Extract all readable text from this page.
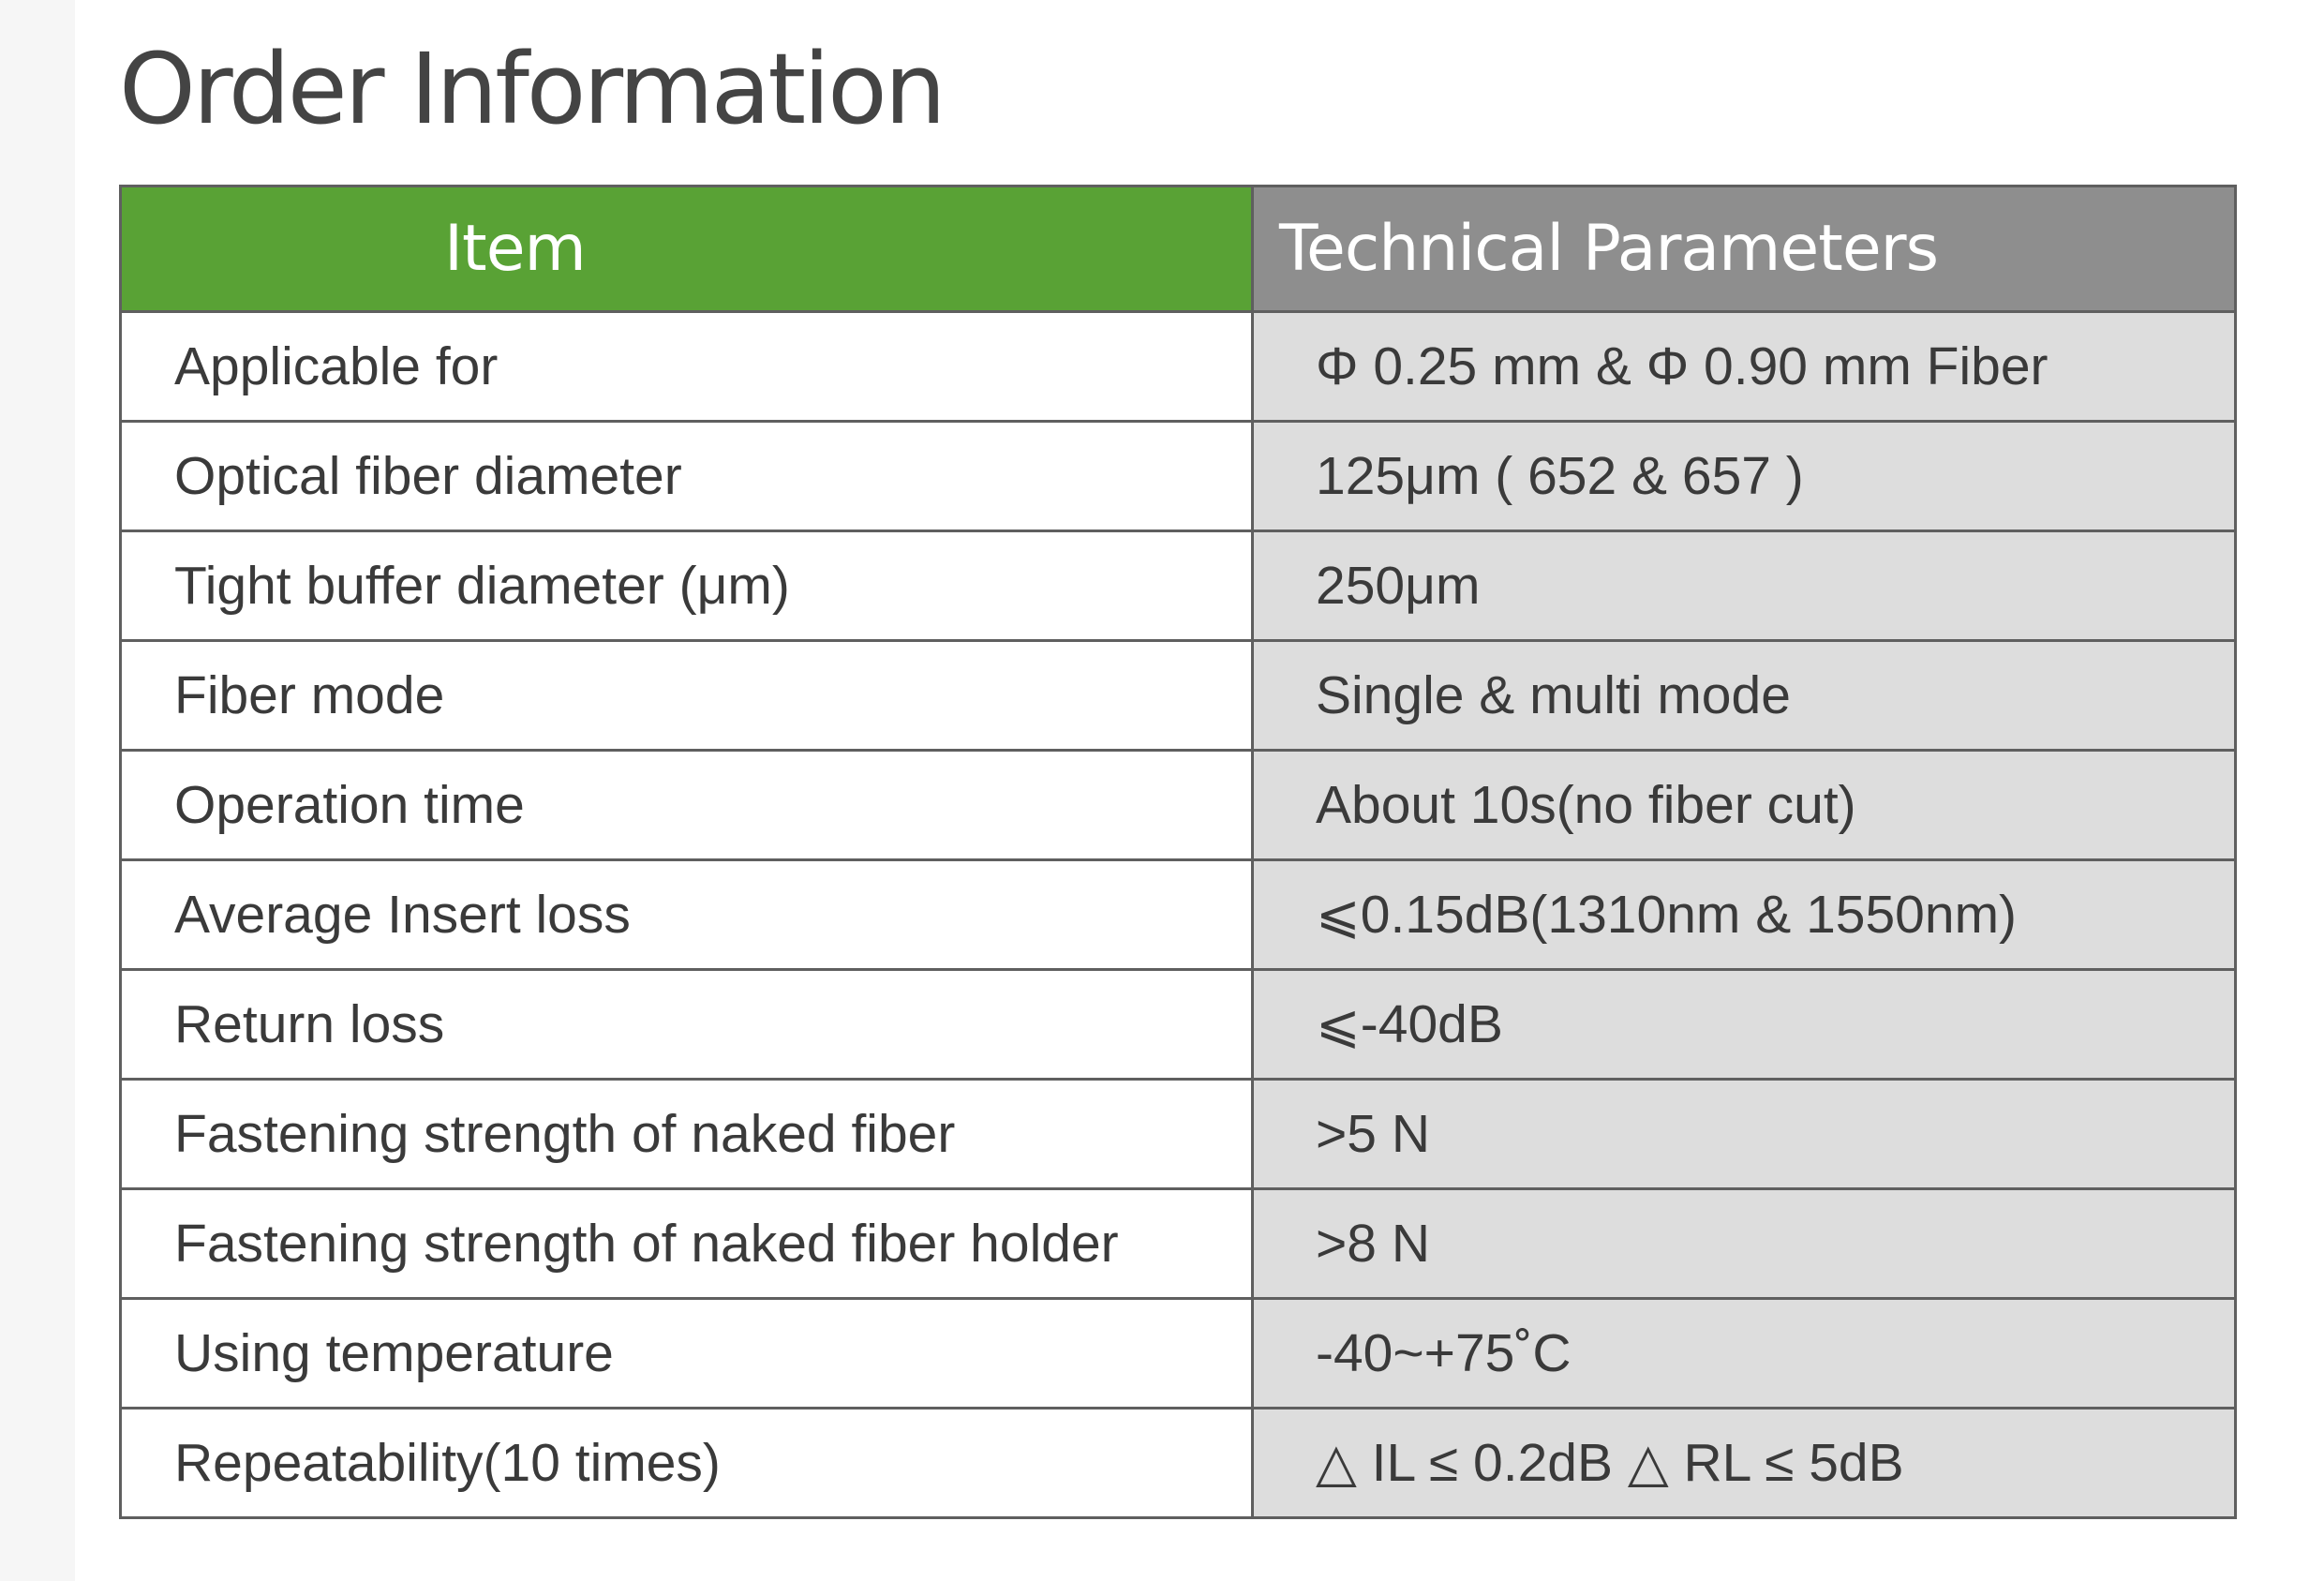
Order Information
Item	Technical Parameters
Applicable for	Φ 0.25 mm & Φ 0.90 mm Fiber
Optical fiber diameter	125μm ( 652 & 657 )
Tight buffer diameter (μm)	250μm
Fiber mode	Single & multi mode
Operation time	About 10s(no fiber cut)
Average Insert loss	⩽0.15dB(1310nm & 1550nm)
Return loss	⩽-40dB
Fastening strength of naked fiber	>5 N
Fastening strength of naked fiber holder	>8 N
Using temperature	-40~+75˚C
Repeatability(10 times)	△ IL ≤ 0.2dB △ RL ≤ 5dB
